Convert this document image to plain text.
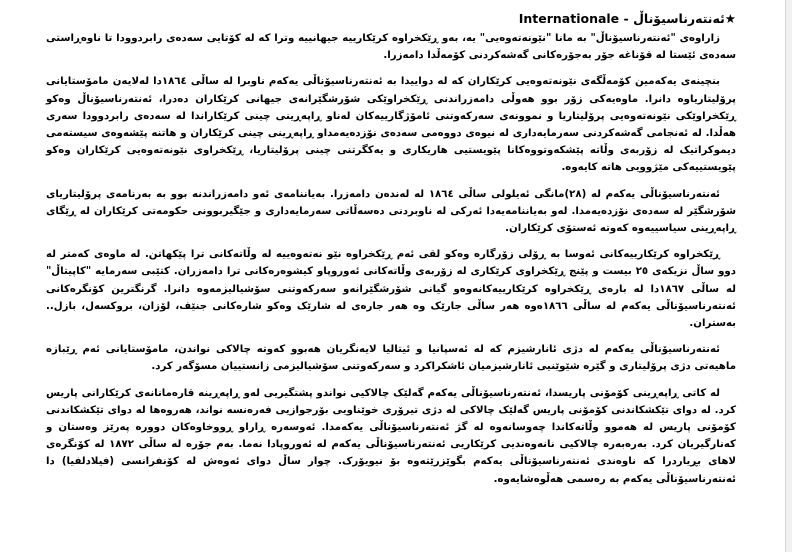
★ئەنتەرناسیۆناڵ - Internationale

زاراوەی "ئەنتەرناسیۆناڵ" بە مانا "نێونەتەوەیی" یە، بەو ڕێکخراوە کرێکارییە جیهانییە وترا کە لە کۆتایی سەدەی رابردوودا تا ناوەڕاستی سەدەی ئێستا لە قۆناغە جۆر بەجۆرەکانی گەشەکردنی کۆمەڵدا دامەزرا.

بنچینەی یەکەمین کۆمەڵگەی نێونەتەوەیی کرێکاران کە لە دواییدا بە ئەنتەرناسیۆناڵی یەکەم ناوبرا لە ساڵی ١٨٦٤دا لەلایەن مامۆستایانی پرۆلیتاریاوە دانرا. ماوەیەکی زۆر بوو هەوڵی دامەزراندنی ڕێکخراوێکی شۆرشگێرانەی جیهانی کرێکاران دەدرا، ئەنتەرناسیۆناڵ وەکو ڕێکخراوێکی نێونەتەوەیی پرۆلیتاریا و نموونەی سەرکەوتنی ئامۆژگارییەکان لەناو ڕاپەڕینی چینی کرێکاراندا لە سەدەی رابردوودا سەری هەڵدا. لە ئەنجامی گەشەکردنی سەرمایەداری لە نیوەی دووەمی سەدەی نۆزدەیەمداو ڕاپەڕینی چینی کرێکاران و هاتنە پێشەوەی سیستەمی دیموکراتیک لە زۆربەی وڵاتە پێشکەوتووەکانا پێویستیی هاریکاری و یەکگرتنی چینی پرۆلیتاریا، ڕێکخراوی نێونەتەوەیی کرێکاران وەکو پێویستییەکی مێژوویی هاتە کایەوە.

ئەنتەرناسیۆناڵی یەکەم لە (٢٨)مانگی ئەیلولی ساڵی ١٨٦٤ لە لەندەن دامەزرا. بەیاننامەی ئەو دامەزراندنە بوو بە بەرنامەی پرۆلیتاریای شۆرشگێر لە سەدەی نۆزدەیەمدا. لەو بەیاننامەیەدا ئەرکی لە ناوبردنی دەسەڵاتی سەرمایەداری و جێگیربوونی حکومەتی کرێکاران لە ڕێگای ڕاپەڕینی سیاسییەوە کەوتە ئەستۆی کرێکاران.

ڕێکخراوە کرێکارییەکانی ئەوسا بە ڕۆلی زۆرگارە وەکو لقی ئەم ڕێکخراوە نێو نەتەوەییە لە وڵاتەکانی ترا پێکهاتن. لە ماوەی کەمتر لە دوو ساڵ نزیکەی ٢٥ بیست و پێنج ڕێکخراوی کرێکاری لە زۆربەی وڵاتەکانی ئەوروپاو کیشوەرەکانی ترا دامەزران. کتێبی سەرمایە "کاپیتاڵ" لە ساڵی ١٨٦٧دا لە بارەی ڕێکخراوە کرێکارییەکانەوەو گیانی شۆرشگێرانەو سەرکەوتنی سۆشیالیزمەوە دانرا. گرنگترین کۆنگرەکانی ئەنتەرناسیۆناڵی یەکەم لە ساڵی ١٨٦٦ەوە هەر ساڵی جارێک وە هەر جارەی لە شارێک وەکو شارەکانی جنێف، لۆزان، بروکسەل، بازل.. بەستران.

ئەنتەرناسیۆناڵی یەکەم لە دژی ئانارشیزم کە لە ئەسپانیا و ئیتالیا لایەنگریان هەبوو کەوتە چالاکی نواندن، مامۆستایانی ئەم ڕێبازە ماهیەتی دژی پرۆلیتاری و گێرە شێوێنیی ئانارشیزمیان ئاشکراکرد و سەرکەوتنی سۆشیالیزمی زانستییان مسۆگەر کرد.

لە کاتی ڕاپەڕینی کۆمۆنی پاریسدا، ئەنتەرناسیۆناڵی یەکەم گەلێک چالاکیی نواندو پشتگیریی لەو ڕاپەڕینە قارەمانانەی کرێکارانی پاریس کرد. لە دوای تێکشکاندنی کۆمۆنی پاریس گەلێک چالاکی لە دژی تیرۆری خوێناویی بۆرجوازیی فەرەنسە نواند، هەروەها لە دوای تێکشکاندنی کۆمۆنی پاریس لە هەموو وڵاتەکاندا چەوسانەوە لە گژ ئەنتەرناسیۆناڵی یەکەمدا. ئەوسەرە ڕاراو ڕووخاوەکان دووره پەرێز وەستان و کەنارگیریان کرد. بەرەبەرە چالاکیی نانەوەندیی کرێکاریی ئەنتەرناسیۆناڵی یەکەم لە ئەوروپادا نەما. بەم جۆرە لە ساڵی ١٨٧٢ لە کۆنگرەی لاهای بڕیاردرا کە ناوەندی ئەنتەرناسیۆناڵی یەکەم بگوێزرێتەوە بۆ نیویۆرک. چوار ساڵ دوای ئەوەش لە کۆنفرانسی (فیلادلفیا) دا ئەنتەرناسیۆناڵی یەکەم بە رەسمی هەڵوەشایەوە.
